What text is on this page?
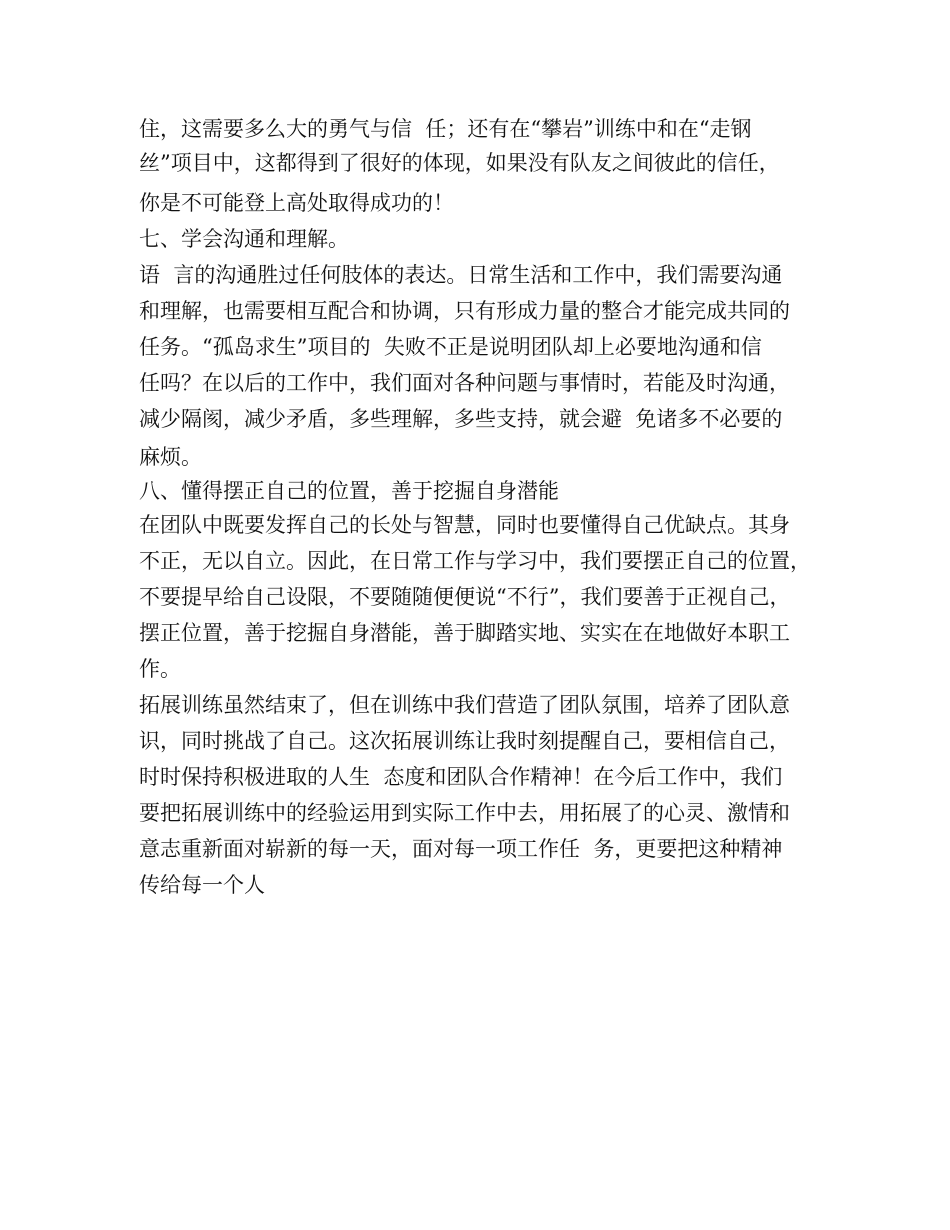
住，这需要多么大的勇气与信  任；还有在“攀岩”训练中和在“走钢
丝”项目中，这都得到了很好的体现，如果没有队友之间彼此的信任，
你是不可能登上高处取得成功的！
七、学会沟通和理解。
语  言的沟通胜过任何肢体的表达。日常生活和工作中，我们需要沟通
和理解，也需要相互配合和协调，只有形成力量的整合才能完成共同的
任务。“孤岛求生”项目的  失败不正是说明团队却上必要地沟通和信
任吗？在以后的工作中，我们面对各种问题与事情时，若能及时沟通，
减少隔阂，减少矛盾，多些理解，多些支持，就会避  免诸多不必要的
麻烦。
八、懂得摆正自己的位置，善于挖掘自身潜能
在团队中既要发挥自己的长处与智慧，同时也要懂得自己优缺点。其身
不正，无以自立。因此，在日常工作与学习中，我们要摆正自己的位置，
不要提早给自己设限，不要随随便便说“不行”，我们要善于正视自己，
摆正位置，善于挖掘自身潜能，善于脚踏实地、实实在在地做好本职工
作。
拓展训练虽然结束了，但在训练中我们营造了团队氛围，培养了团队意
识，同时挑战了自己。这次拓展训练让我时刻提醒自己，要相信自己，
时时保持积极进取的人生  态度和团队合作精神！在今后工作中，我们
要把拓展训练中的经验运用到实际工作中去，用拓展了的心灵、激情和
意志重新面对崭新的每一天，面对每一项工作任  务，更要把这种精神
传给每一个人
